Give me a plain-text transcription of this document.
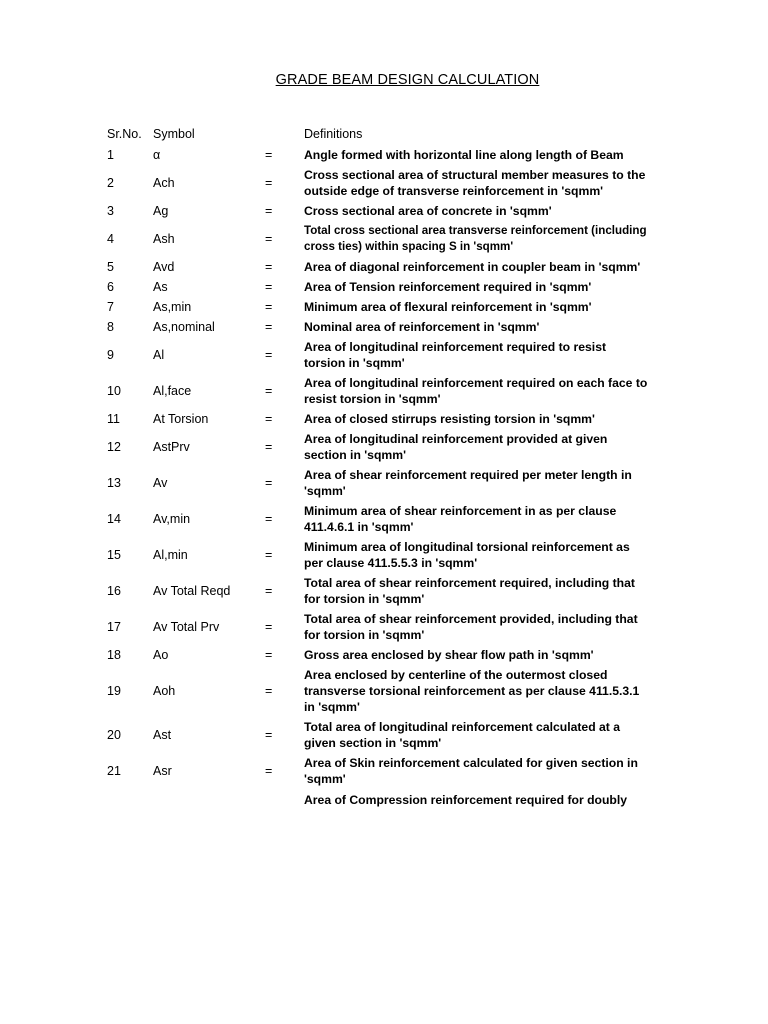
GRADE BEAM DESIGN CALCULATION
Sr.No. Symbol	Definitions
1	α	=	Angle formed with horizontal line along length of Beam
2	Ach	=
Cross sectional area of structural member measures to the outside edge of transverse reinforcement in 'sqmm'
3	Ag	=	Cross sectional area of concrete in 'sqmm'
4	Ash	=
Total cross sectional area transverse reinforcement (including cross ties) within spacing S in 'sqmm'
5	Avd	=	Area of diagonal reinforcement in coupler beam in 'sqmm'
6	As	=	Area of Tension reinforcement required in 'sqmm'
7	As,min	=	Minimum area of flexural reinforcement in 'sqmm'
8	As,nominal	=	Nominal area of reinforcement in 'sqmm'
9	Al	=
Area of longitudinal reinforcement required to resist torsion in 'sqmm'
10	Al,face	=
Area of longitudinal reinforcement required on each face to resist torsion in 'sqmm'
11	At Torsion	=	Area of closed stirrups resisting torsion in 'sqmm'
12	AstPrv	=
Area of longitudinal reinforcement provided at given section in 'sqmm'
13	Av	=
Area of shear reinforcement required per meter length in 'sqmm'
14	Av,min	=
Minimum area of shear reinforcement in as per clause 411.4.6.1 in 'sqmm'
15	Al,min	=
Minimum area of longitudinal torsional reinforcement as per clause 411.5.5.3 in 'sqmm'
16	Av Total Reqd	=
Total area of shear reinforcement required, including that for torsion in 'sqmm'
17	Av Total Prv	=
Total area of shear reinforcement provided, including that for torsion in 'sqmm'
18	Ao	=	Gross area enclosed by shear flow path in 'sqmm'
19	Aoh	=
Area enclosed by centerline of the outermost closed transverse torsional reinforcement as per clause 411.5.3.1 in 'sqmm'
20	Ast	=
Total area of longitudinal reinforcement calculated at a given section in 'sqmm'
21	Asr	=
Area of Skin reinforcement calculated for given section in 'sqmm'
Area of Compression reinforcement required for doubly
